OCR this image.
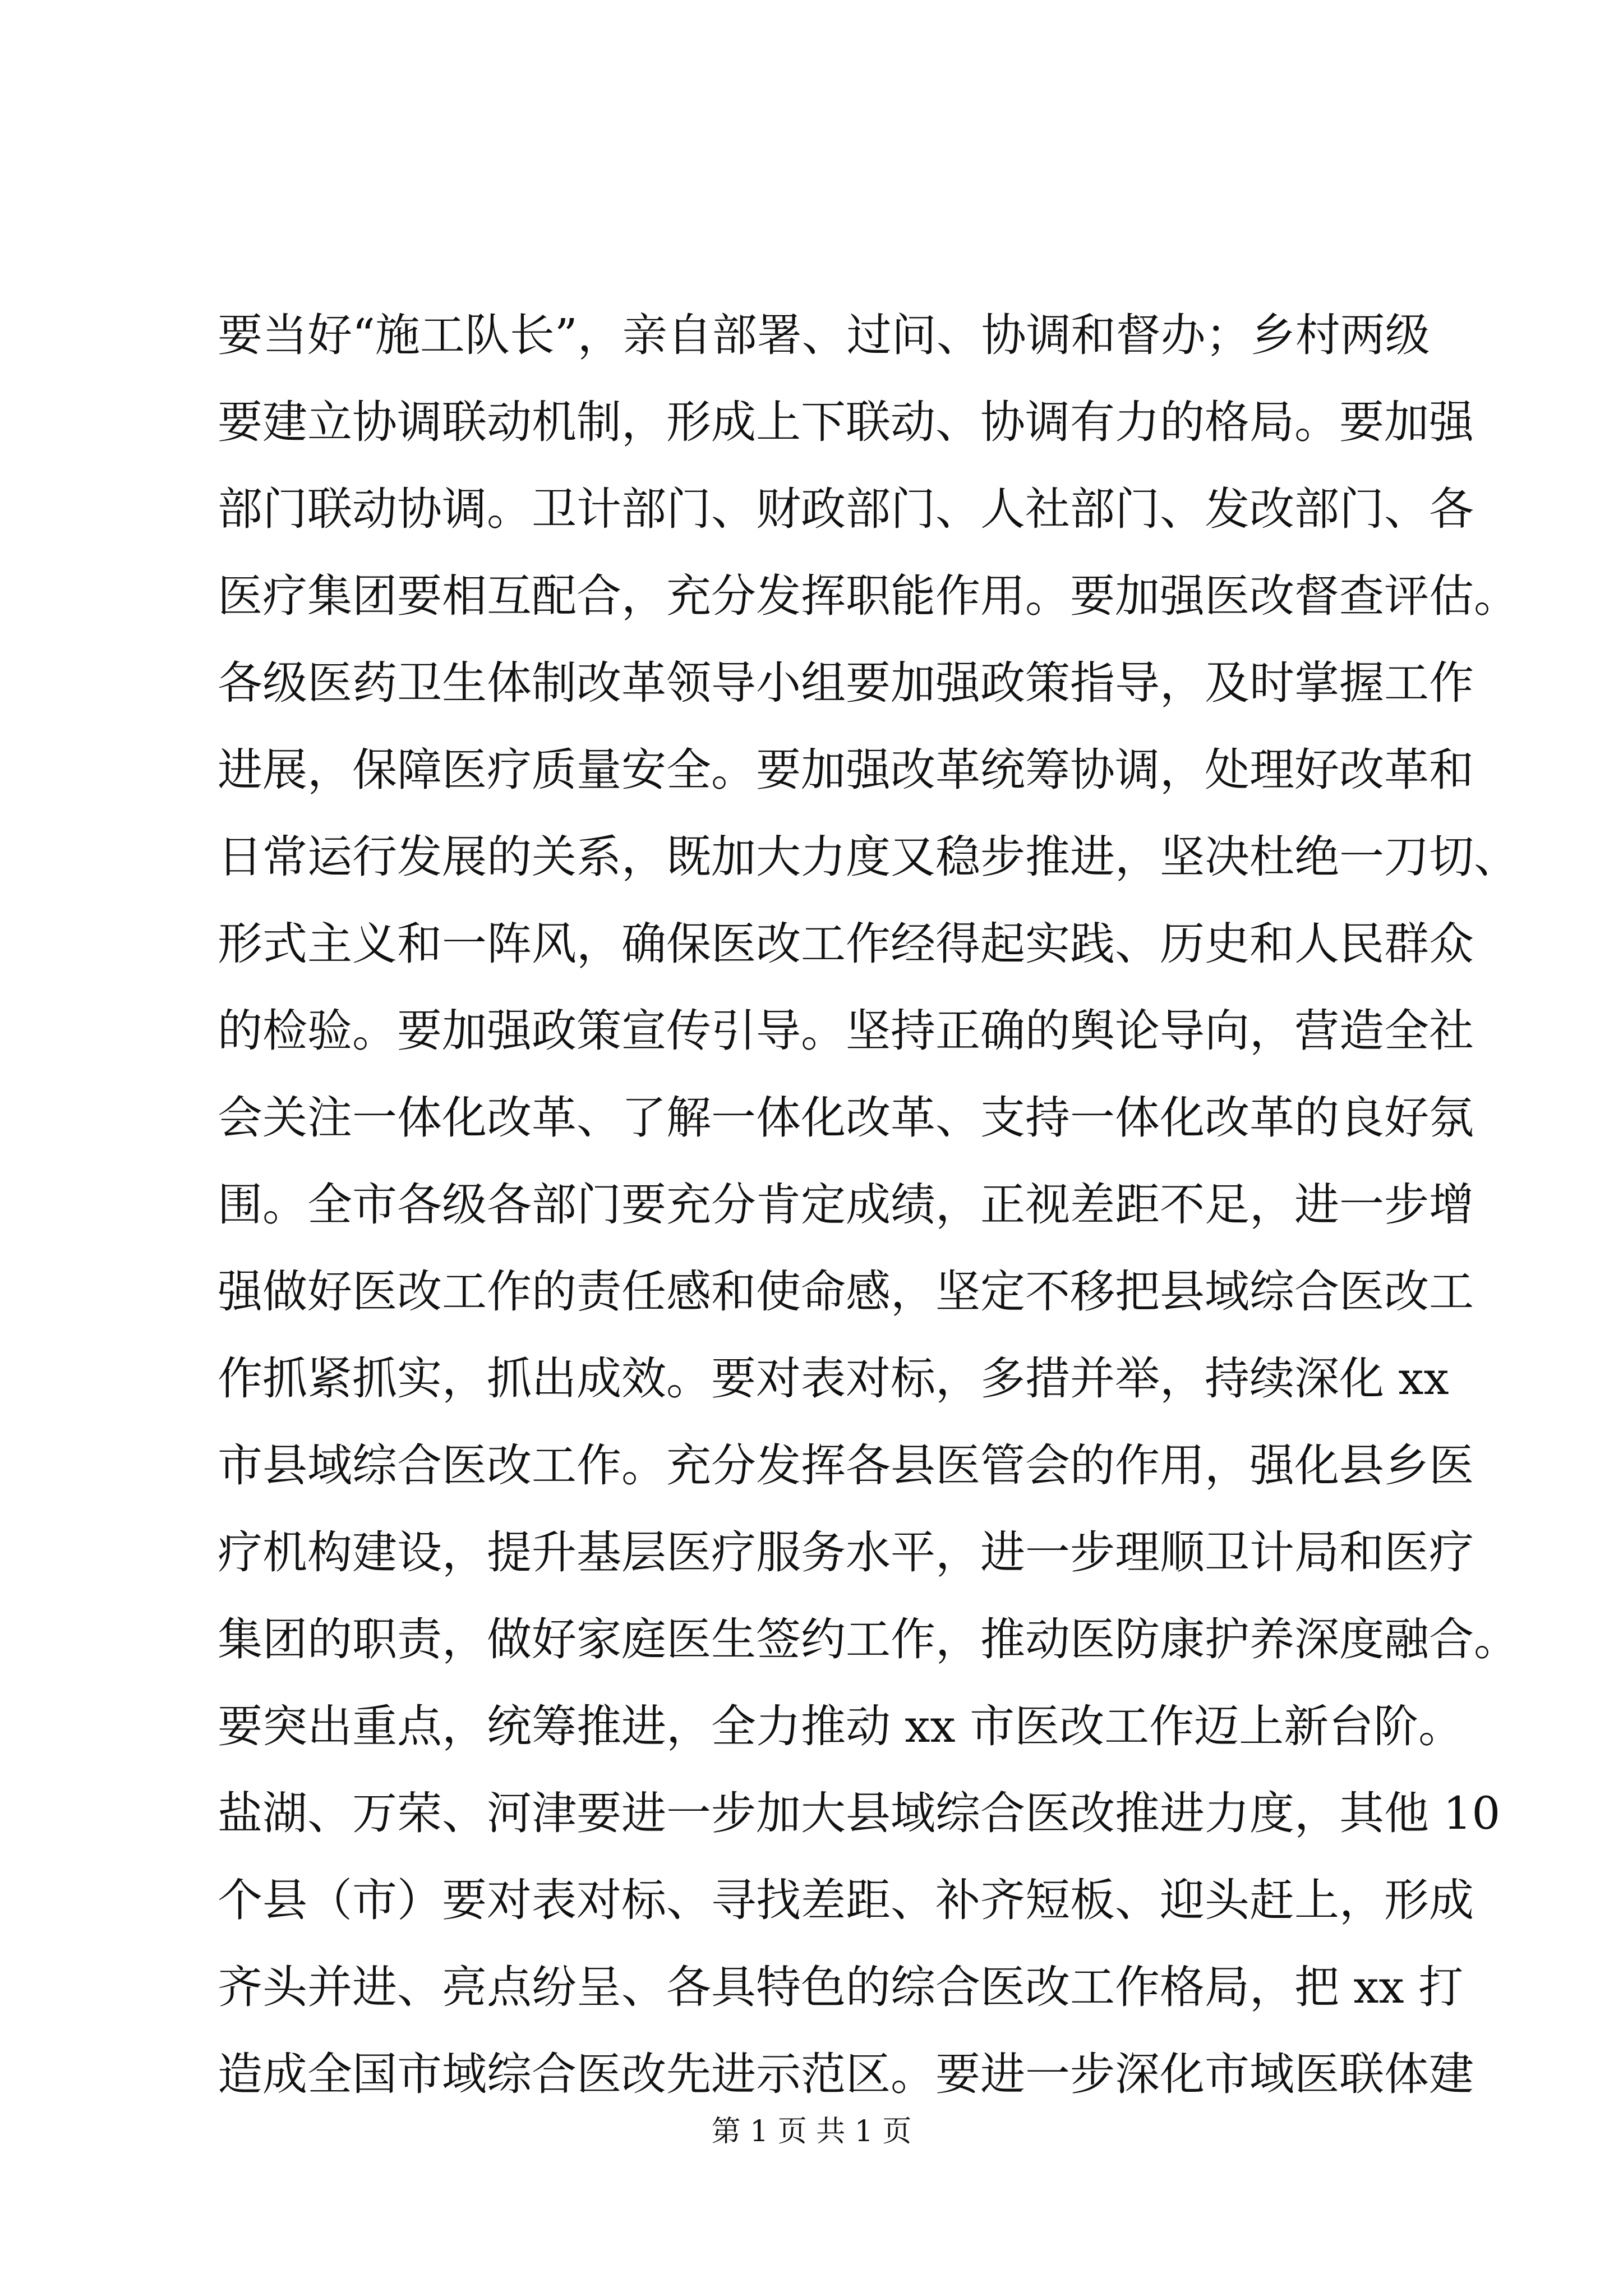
要当好“施工队长”，亲自部署、过问、协调和督办；乡村两级
要建立协调联动机制，形成上下联动、协调有力的格局。要加强
部门联动协调。卫计部门、财政部门、人社部门、发改部门、各
医疗集团要相互配合，充分发挥职能作用。要加强医改督查评估。
各级医药卫生体制改革领导小组要加强政策指导，及时掌握工作
进展，保障医疗质量安全。要加强改革统筹协调，处理好改革和
日常运行发展的关系，既加大力度又稳步推进，坚决杜绝一刀切、
形式主义和一阵风，确保医改工作经得起实践、历史和人民群众
的检验。要加强政策宣传引导。坚持正确的舆论导向，营造全社
会关注一体化改革、了解一体化改革、支持一体化改革的良好氛
围。全市各级各部门要充分肯定成绩，正视差距不足，进一步增
强做好医改工作的责任感和使命感，坚定不移把县域综合医改工
作抓紧抓实，抓出成效。要对表对标，多措并举，持续深化 xx
市县域综合医改工作。充分发挥各县医管会的作用，强化县乡医
疗机构建设，提升基层医疗服务水平，进一步理顺卫计局和医疗
集团的职责，做好家庭医生签约工作，推动医防康护养深度融合。
要突出重点，统筹推进，全力推动 xx 市医改工作迈上新台阶。
盐湖、万荣、河津要进一步加大县域综合医改推进力度，其他 10
个县（市）要对表对标、寻找差距、补齐短板、迎头赶上，形成
齐头并进、亮点纷呈、各具特色的综合医改工作格局，把 xx 打
造成全国市域综合医改先进示范区。要进一步深化市域医联体建
第 1 页 共 1 页
